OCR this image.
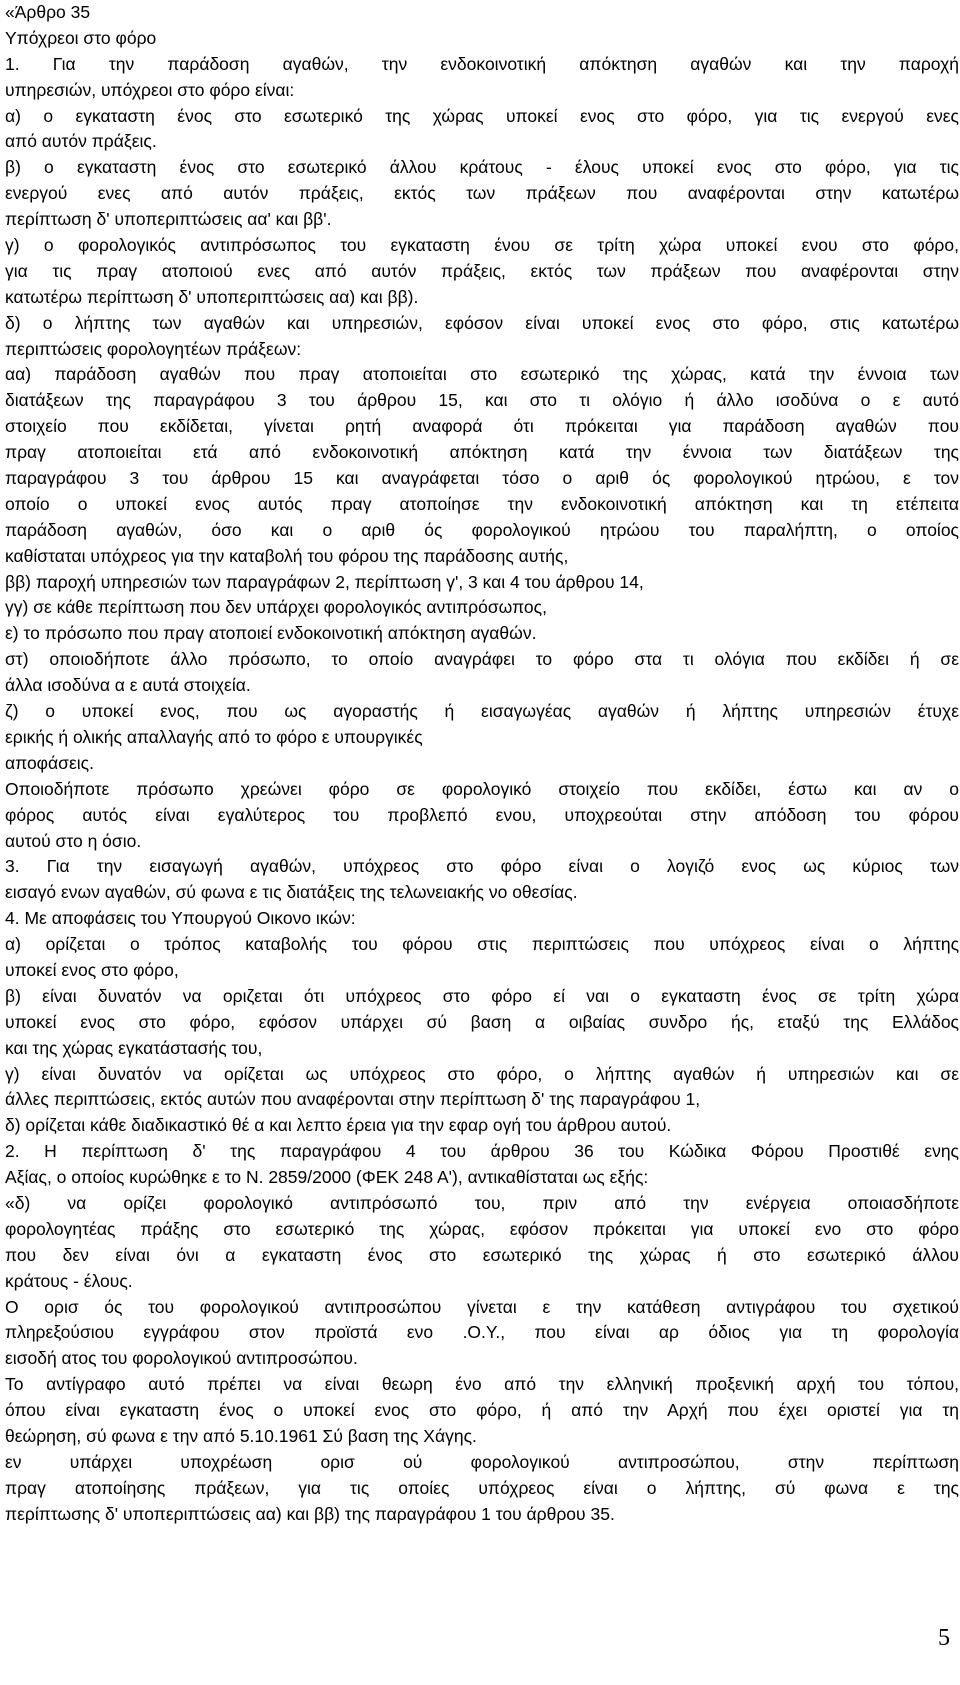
«Άρθρο 35
Υπόχρεοι στο φόρο
1. Για την παράδοση αγαθών, την ενδοκοινοτική απόκτηση αγαθών και την παροχή
υπηρεσιών, υπόχρεοι στο φόρο είναι:
α) ο εγκαταστη ένος στο εσωτερικό της χώρας υποκεί ενος στο φόρο, για τις ενεργού ενες
από αυτόν πράξεις.
β) ο εγκαταστη ένος στο εσωτερικό άλλου κράτους - έλους υποκεί ενος στο φόρο, για τις
ενεργού ενες από αυτόν πράξεις, εκτός των πράξεων που αναφέρονται στην κατωτέρω
περίπτωση δ' υποπεριπτώσεις αα' και ββ'.
γ) ο φορολογικός αντιπρόσωπος του εγκαταστη ένου σε τρίτη χώρα υποκεί ενου στο φόρο,
για τις πραγ ατοποιού ενες από αυτόν πράξεις, εκτός των πράξεων που αναφέρονται στην
κατωτέρω περίπτωση δ' υποπεριπτώσεις αα) και ββ).
δ) ο λήπτης των αγαθών και υπηρεσιών, εφόσον είναι υποκεί ενος στο φόρο, στις κατωτέρω
περιπτώσεις φορολογητέων πράξεων:
αα) παράδοση αγαθών που πραγ ατοποιείται στο εσωτερικό της χώρας, κατά την έννοια των
διατάξεων της παραγράφου 3 του άρθρου 15, και στο τι ολόγιο ή άλλο ισοδύνα ο ε αυτό
στοιχείο που εκδίδεται, γίνεται ρητή αναφορά ότι πρόκειται για παράδοση αγαθών που
πραγ ατοποιείται ετά από ενδοκοινοτική απόκτηση κατά την έννοια των διατάξεων της
παραγράφου 3 του άρθρου 15 και αναγράφεται τόσο ο αριθ ός φορολογικού ητρώου, ε τον
οποίο ο υποκεί ενος αυτός πραγ ατοποίησε την ενδοκοινοτική απόκτηση και τη ετέπειτα
παράδοση αγαθών, όσο και ο αριθ ός φορολογικού ητρώου του παραλήπτη, ο οποίος
καθίσταται υπόχρεος για την καταβολή του φόρου της παράδοσης αυτής,
ββ) παροχή υπηρεσιών των παραγράφων 2, περίπτωση γ', 3 και 4 του άρθρου 14,
γγ) σε κάθε περίπτωση που δεν υπάρχει φορολογικός αντιπρόσωπος,
ε) το πρόσωπο που πραγ ατοποιεί ενδοκοινοτική απόκτηση αγαθών.
στ) οποιοδήποτε άλλο πρόσωπο, το οποίο αναγράφει το φόρο στα τι ολόγια που εκδίδει ή σε
άλλα ισοδύνα α ε αυτά στοιχεία.
ζ) ο υποκεί ενος, που ως αγοραστής ή εισαγωγέας αγαθών ή λήπτης υπηρεσιών έτυχε
ερικής ή ολικής απαλλαγής από το φόρο ε υπουργικές
αποφάσεις.
Οποιοδήποτε πρόσωπο χρεώνει φόρο σε φορολογικό στοιχείο που εκδίδει, έστω και αν ο
φόρος αυτός είναι εγαλύτερος του προβλεπό ενου, υποχρεούται στην απόδοση του φόρου
αυτού στο η όσιο.
3. Για την εισαγωγή αγαθών, υπόχρεος στο φόρο είναι ο λογιζό ενος ως κύριος των
εισαγό ενων αγαθών, σύ φωνα ε τις διατάξεις της τελωνειακής νο οθεσίας.
4. Με αποφάσεις του Υπουργού Οικονο ικών:
α) ορίζεται ο τρόπος καταβολής του φόρου στις περιπτώσεις που υπόχρεος είναι ο λήπτης
υποκεί ενος στο φόρο,
β) είναι δυνατόν να οριζεται ότι υπόχρεος στο φόρο εί ναι ο εγκαταστη ένος σε τρίτη χώρα
υποκεί ενος στο φόρο, εφόσον υπάρχει σύ βαση α οιβαίας συνδρο ής, εταξύ της Ελλάδος
και της χώρας εγκατάστασής του,
γ) είναι δυνατόν να ορίζεται ως υπόχρεος στο φόρο, ο λήπτης αγαθών ή υπηρεσιών και σε
άλλες περιπτώσεις, εκτός αυτών που αναφέρονται στην περίπτωση δ' της παραγράφου 1,
δ) ορίζεται κάθε διαδικαστικό θέ α και λεπτο έρεια για την εφαρ ογή του άρθρου αυτού.
2. Η περίπτωση δ' της παραγράφου 4 του άρθρου 36 του Κώδικα Φόρου Προστιθέ ενης
Αξίας, ο οποίος κυρώθηκε ε το Ν. 2859/2000 (ΦΕΚ 248 Α'), αντικαθίσταται ως εξής:
«δ) να ορίζει φορολογικό αντιπρόσωπό του, πριν από την ενέργεια οποιασδήποτε
φορολογητέας πράξης στο εσωτερικό της χώρας, εφόσον πρόκειται για υποκεί ενο στο φόρο
που δεν είναι όνι α εγκαταστη ένος στο εσωτερικό της χώρας ή στο εσωτερικό άλλου
κράτους - έλους.
Ο ορισ ός του φορολογικού αντιπροσώπου γίνεται ε την κατάθεση αντιγράφου του σχετικού
πληρεξούσιου εγγράφου στον προϊστά ενο .Ο.Υ., που είναι αρ όδιος για τη φορολογία
εισοδή ατος του φορολογικού αντιπροσώπου.
Το αντίγραφο αυτό πρέπει να είναι θεωρη ένο από την ελληνική προξενική αρχή του τόπου,
όπου είναι εγκαταστη ένος ο υποκεί ενος στο φόρο, ή από την Αρχή που έχει οριστεί για τη
θεώρηση, σύ φωνα ε την από 5.10.1961 Σύ βαση της Χάγης.
εν υπάρχει υποχρέωση ορισ ού φορολογικού αντιπροσώπου, στην περίπτωση
πραγ ατοποίησης πράξεων, για τις οποίες υπόχρεος είναι ο λήπτης, σύ φωνα ε της
περίπτωσης δ' υποπεριπτώσεις αα) και ββ) της παραγράφου 1 του άρθρου 35.
5
